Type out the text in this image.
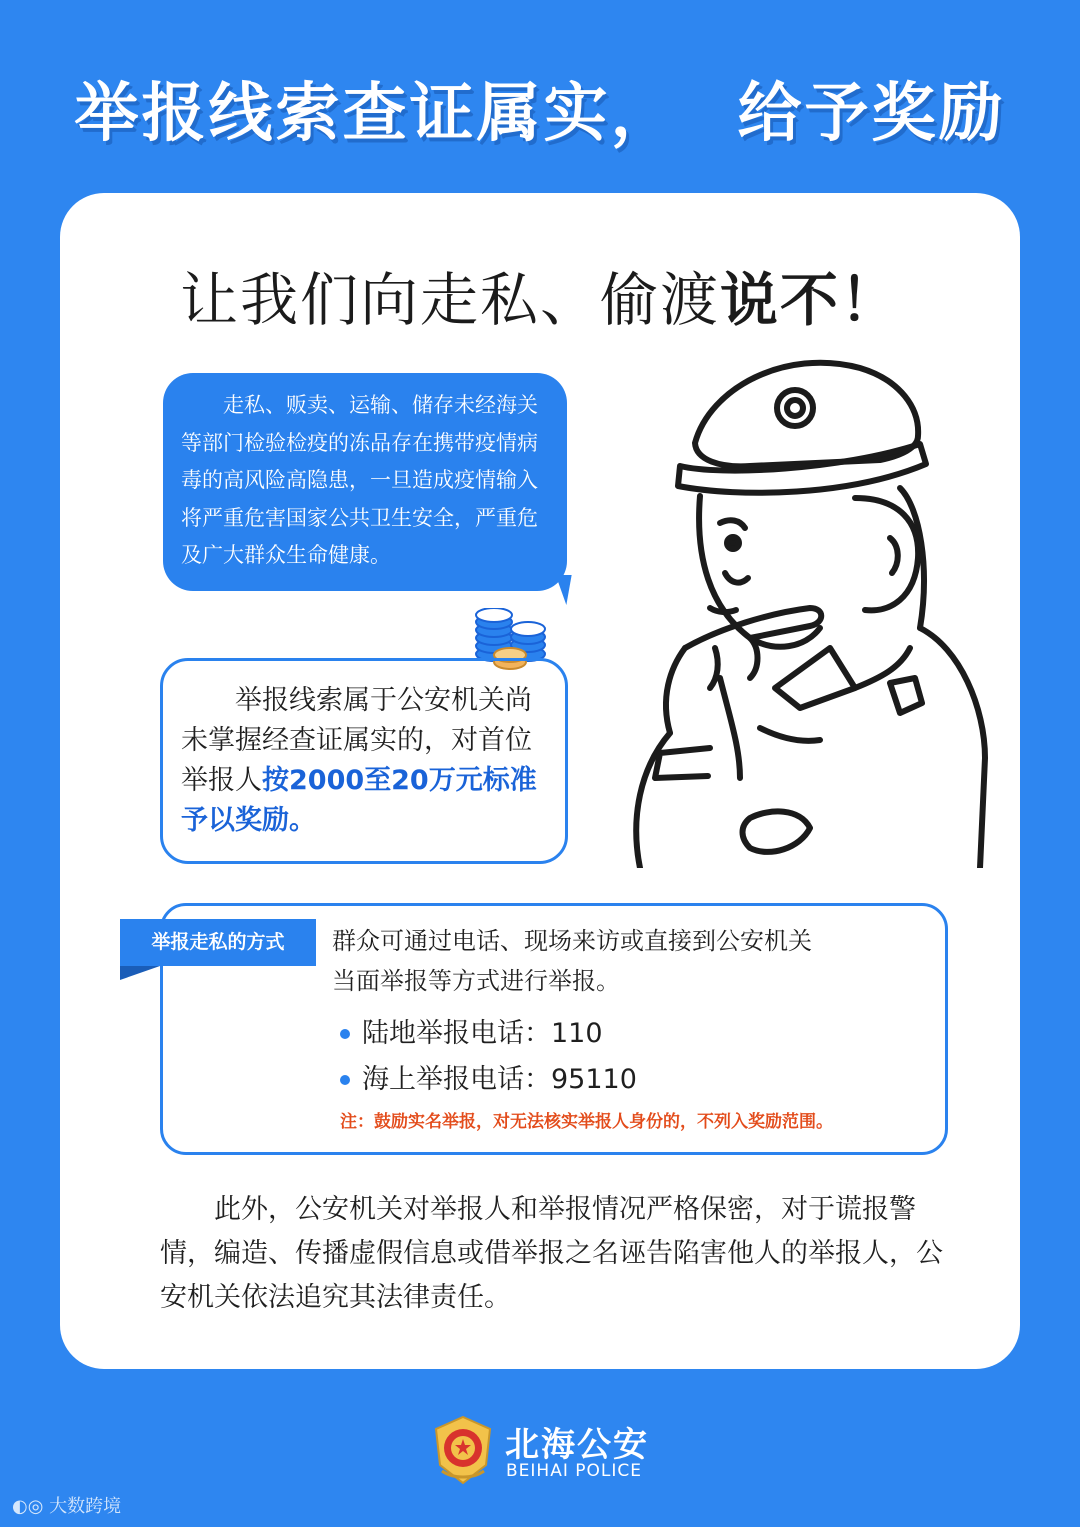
举报线索查证属实， 给予奖励
让我们向走私、偷渡说不！

走私、贩卖、运输、储存未经海关等部门检验检疫的冻品存在携带疫情病毒的高风险高隐患，一旦造成疫情输入将严重危害国家公共卫生安全，严重危及广大群众生命健康。

举报线索属于公安机关尚未掌握经查证属实的，对首位举报人按2000至20万元标准予以奖励。

举报走私的方式	群众可通过电话、现场来访或直接到公安机关
当面举报等方式进行举报。
陆地举报电话：110
海上举报电话：95110
注：鼓励实名举报，对无法核实举报人身份的，不列入奖励范围。

此外，公安机关对举报人和举报情况严格保密，对于谎报警情，编造、传播虚假信息或借举报之名诬告陷害他人的举报人，公安机关依法追究其法律责任。

北海公安
BEIHAI POLICE
◐◎ 大数跨境
